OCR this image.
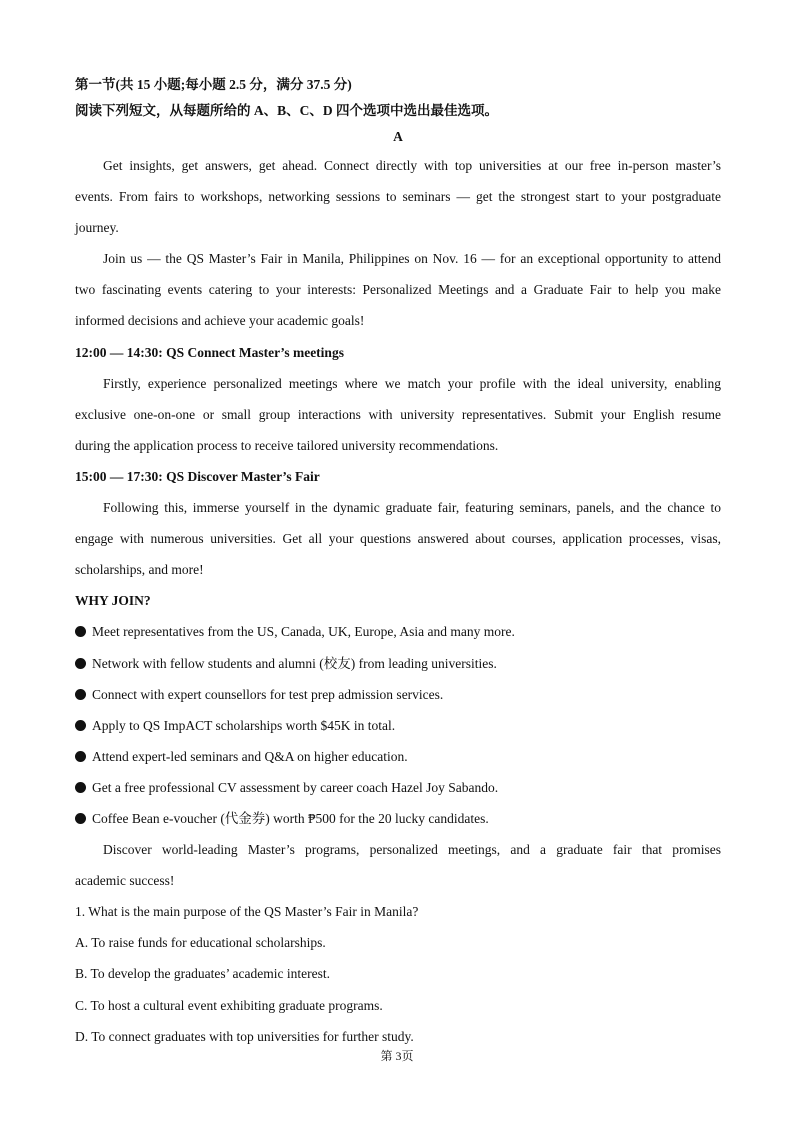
第一节(共 15 小题;每小题 2.5 分，满分 37.5 分)

阅读下列短文，从每题所给的 A、B、C、D 四个选项中选出最佳选项。

A

Get insights, get answers, get ahead. Connect directly with top universities at our free in-person master’s

events. From fairs to workshops, networking sessions to seminars — get the strongest start to your postgraduate

journey.

Join us — the QS Master’s Fair in Manila, Philippines on Nov. 16 — for an exceptional opportunity to attend

two fascinating events catering to your interests: Personalized Meetings and a Graduate Fair to help you make

informed decisions and achieve your academic goals!

12:00 — 14:30: QS Connect Master’s meetings

Firstly, experience personalized meetings where we match your profile with the ideal university, enabling

exclusive one-on-one or small group interactions with university representatives. Submit your English resume

during the application process to receive tailored university recommendations.

15:00 — 17:30: QS Discover Master’s Fair

Following this, immerse yourself in the dynamic graduate fair, featuring seminars, panels, and the chance to

engage with numerous universities. Get all your questions answered about courses, application processes, visas,

scholarships, and more!

WHY JOIN?

Meet representatives from the US, Canada, UK, Europe, Asia and many more.

Network with fellow students and alumni (校友) from leading universities.

Connect with expert counsellors for test prep admission services.

Apply to QS ImpACT scholarships worth $45K in total.

Attend expert-led seminars and Q&A on higher education.

Get a free professional CV assessment by career coach Hazel Joy Sabando.

Coffee Bean e-voucher (代金券) worth ₱500 for the 20 lucky candidates.

Discover world-leading Master’s programs, personalized meetings, and a graduate fair that promises

academic success!

1. What is the main purpose of the QS Master’s Fair in Manila?

A. To raise funds for educational scholarships.

B. To develop the graduates’ academic interest.

C. To host a cultural event exhibiting graduate programs.

D. To connect graduates with top universities for further study.

第 3页
